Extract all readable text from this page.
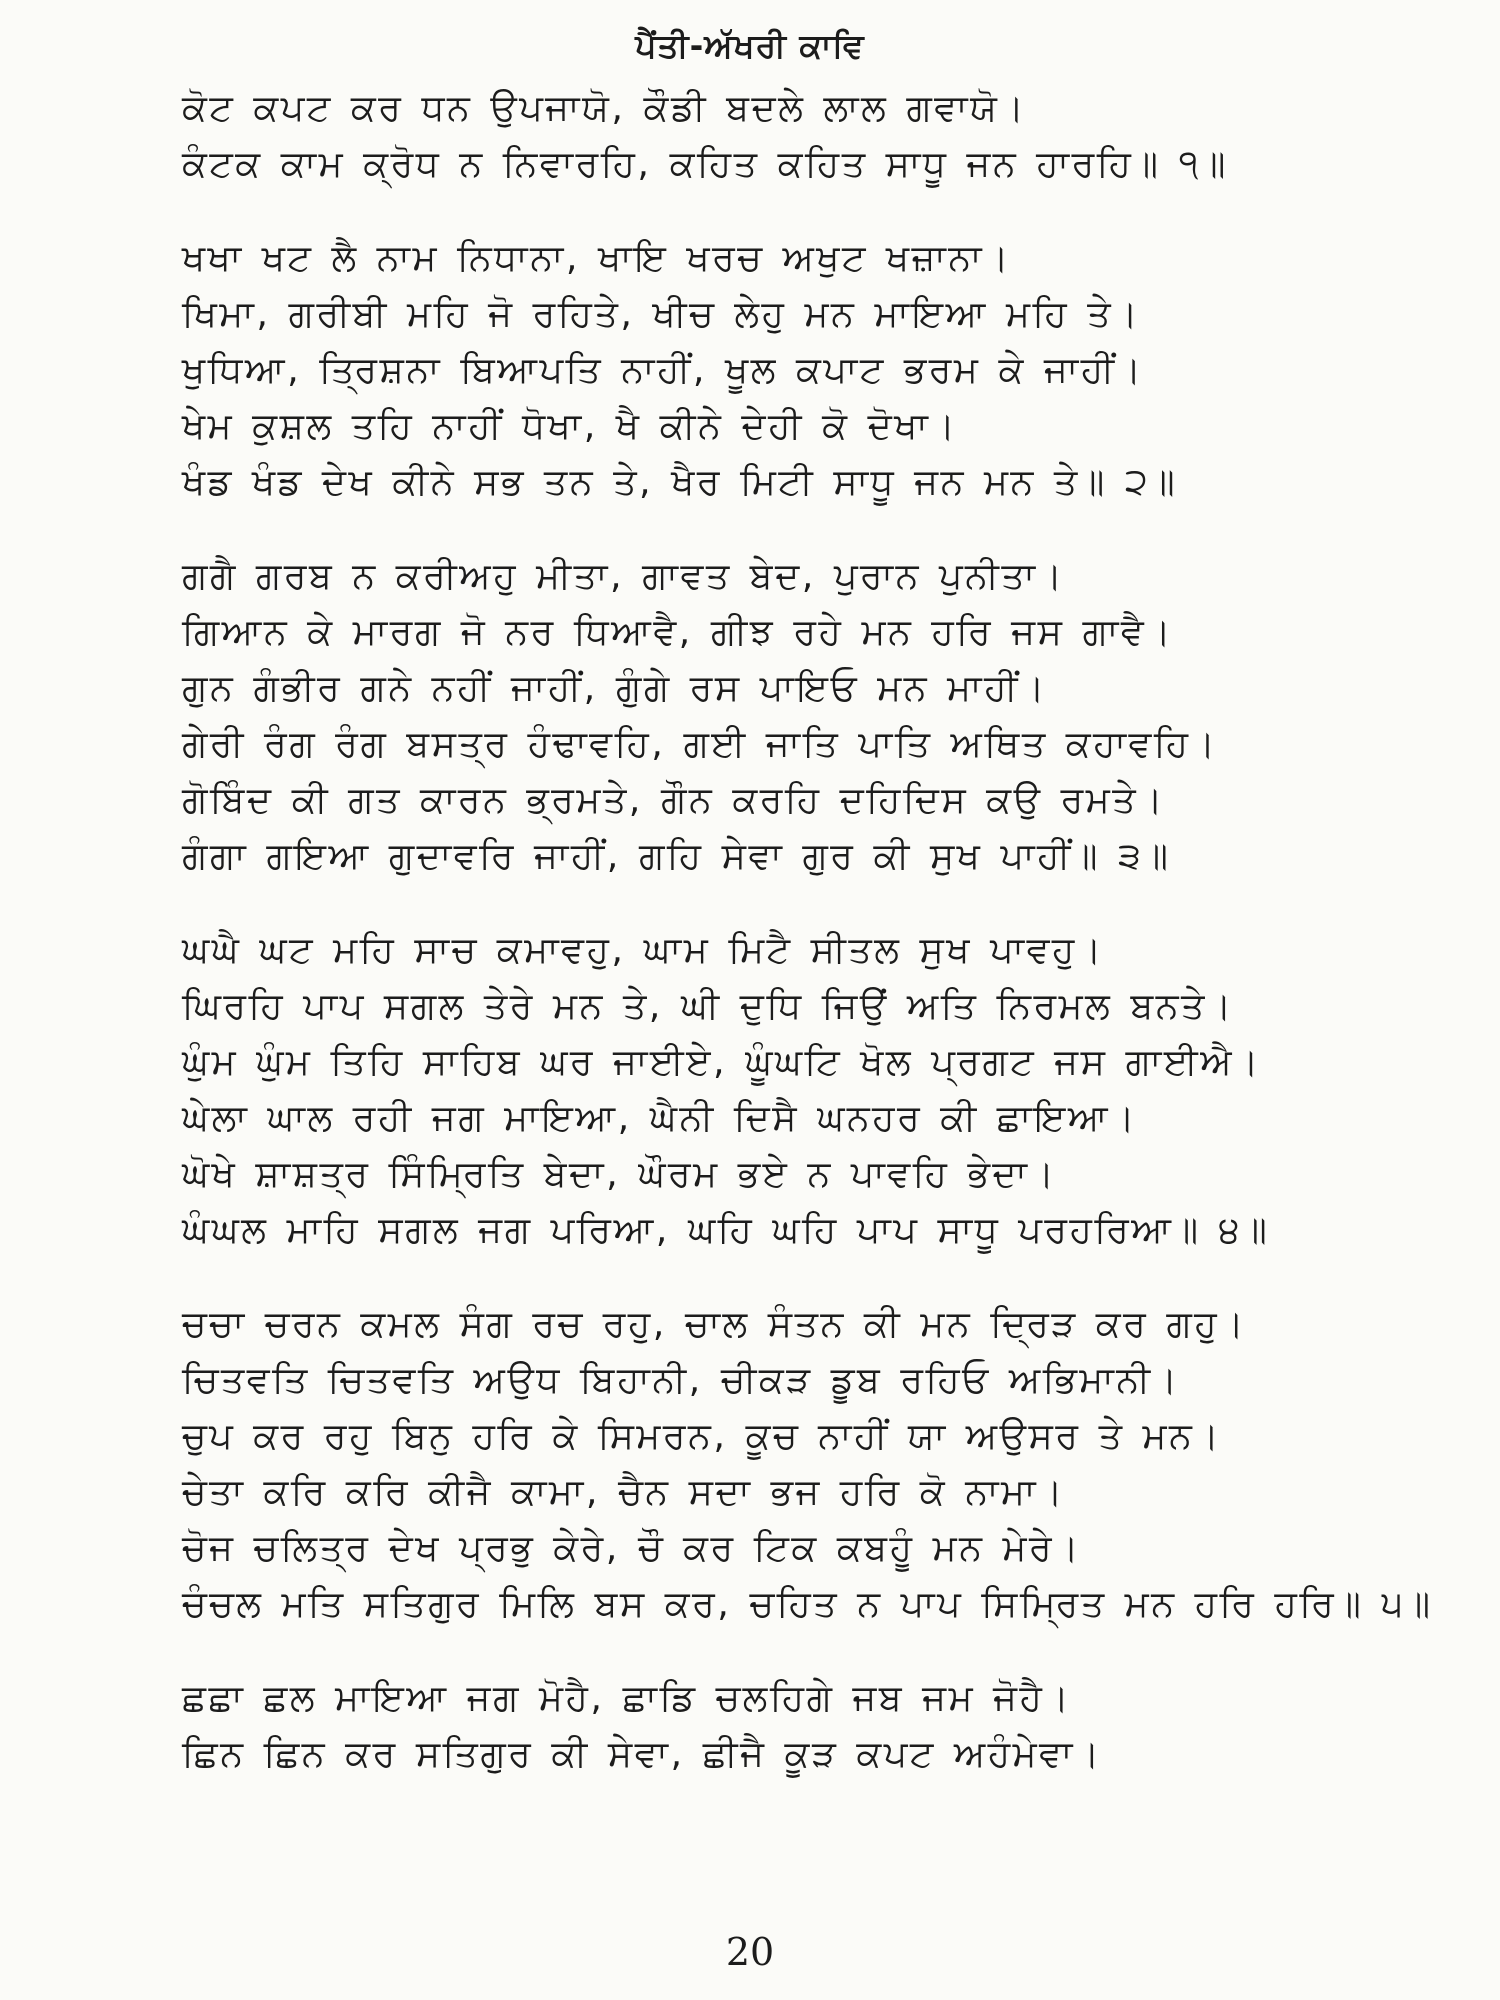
ਪੈਂਤੀ-ਅੱਖਰੀ ਕਾਵਿ
ਕੋਟ ਕਪਟ ਕਰ ਧਨ ਉਪਜਾਯੋ, ਕੌਡੀ ਬਦਲੇ ਲਾਲ ਗਵਾਯੋ।
ਕੰਟਕ ਕਾਮ ਕ੍ਰੋਧ ਨ ਨਿਵਾਰਹਿ, ਕਹਿਤ ਕਹਿਤ ਸਾਧੂ ਜਨ ਹਾਰਹਿ॥ ੧॥
ਖਖਾ ਖਟ ਲੈ ਨਾਮ ਨਿਧਾਨਾ, ਖਾਇ ਖਰਚ ਅਖੁਟ ਖਜ਼ਾਨਾ।
ਖਿਮਾ, ਗਰੀਬੀ ਮਹਿ ਜੋ ਰਹਿਤੇ, ਖੀਚ ਲੇਹੁ ਮਨ ਮਾਇਆ ਮਹਿ ਤੇ।
ਖੁਧਿਆ, ਤ੍ਰਿਸ਼ਨਾ ਬਿਆਪਤਿ ਨਾਹੀਂ, ਖੂਲ ਕਪਾਟ ਭਰਮ ਕੇ ਜਾਹੀਂ।
ਖੇਮ ਕੁਸ਼ਲ ਤਹਿ ਨਾਹੀਂ ਧੋਖਾ, ਖੈ ਕੀਨੇ ਦੇਹੀ ਕੋ ਦੋਖਾ।
ਖੰਡ ਖੰਡ ਦੇਖ ਕੀਨੇ ਸਭ ਤਨ ਤੇ, ਖੈਰ ਮਿਟੀ ਸਾਧੂ ਜਨ ਮਨ ਤੇ॥ ੨॥
ਗਗੈ ਗਰਬ ਨ ਕਰੀਅਹੁ ਮੀਤਾ, ਗਾਵਤ ਬੇਦ, ਪੁਰਾਨ ਪੁਨੀਤਾ।
ਗਿਆਨ ਕੇ ਮਾਰਗ ਜੋ ਨਰ ਧਿਆਵੈ, ਗੀਝ ਰਹੇ ਮਨ ਹਰਿ ਜਸ ਗਾਵੈ।
ਗੁਨ ਗੰਭੀਰ ਗਨੇ ਨਹੀਂ ਜਾਹੀਂ, ਗੁੰਗੇ ਰਸ ਪਾਇਓ ਮਨ ਮਾਹੀਂ।
ਗੇਰੀ ਰੰਗ ਰੰਗ ਬਸਤ੍ਰ ਹੰਢਾਵਹਿ, ਗਈ ਜਾਤਿ ਪਾਤਿ ਅਥਿਤ ਕਹਾਵਹਿ।
ਗੋਬਿੰਦ ਕੀ ਗਤ ਕਾਰਨ ਭ੍ਰਮਤੇ, ਗੌਨ ਕਰਹਿ ਦਹਿਦਿਸ ਕਉ ਰਮਤੇ।
ਗੰਗਾ ਗਇਆ ਗੁਦਾਵਰਿ ਜਾਹੀਂ, ਗਹਿ ਸੇਵਾ ਗੁਰ ਕੀ ਸੁਖ ਪਾਹੀਂ॥ ੩॥
ਘਘੈ ਘਟ ਮਹਿ ਸਾਚ ਕਮਾਵਹੁ, ਘਾਮ ਮਿਟੈ ਸੀਤਲ ਸੁਖ ਪਾਵਹੁ।
ਘਿਰਹਿ ਪਾਪ ਸਗਲ ਤੇਰੇ ਮਨ ਤੇ, ਘੀ ਦੁਧਿ ਜਿਉਂ ਅਤਿ ਨਿਰਮਲ ਬਨਤੇ।
ਘੁੰਮ ਘੁੰਮ ਤਿਹਿ ਸਾਹਿਬ ਘਰ ਜਾਈਏ, ਘੂੰਘਟਿ ਖੋਲ ਪ੍ਰਗਟ ਜਸ ਗਾਈਐ।
ਘੇਲਾ ਘਾਲ ਰਹੀ ਜਗ ਮਾਇਆ, ਘੈਨੀ ਦਿਸੈ ਘਨਹਰ ਕੀ ਛਾਇਆ।
ਘੋਖੇ ਸ਼ਾਸ਼ਤ੍ਰ ਸਿੰਮ੍ਰਿਤਿ ਬੇਦਾ, ਘੌਰਮ ਭਏ ਨ ਪਾਵਹਿ ਭੇਦਾ।
ਘੰਘਲ ਮਾਹਿ ਸਗਲ ਜਗ ਪਰਿਆ, ਘਹਿ ਘਹਿ ਪਾਪ ਸਾਧੂ ਪਰਹਰਿਆ॥ ੪॥
ਚਚਾ ਚਰਨ ਕਮਲ ਸੰਗ ਰਚ ਰਹੁ, ਚਾਲ ਸੰਤਨ ਕੀ ਮਨ ਦ੍ਰਿੜ ਕਰ ਗਹੁ।
ਚਿਤਵਤਿ ਚਿਤਵਤਿ ਅਉਧ ਬਿਹਾਨੀ, ਚੀਕੜ ਡੂਬ ਰਹਿਓ ਅਭਿਮਾਨੀ।
ਚੁਪ ਕਰ ਰਹੁ ਬਿਨੁ ਹਰਿ ਕੇ ਸਿਮਰਨ, ਕੂਚ ਨਾਹੀਂ ਯਾ ਅਉਸਰ ਤੇ ਮਨ।
ਚੇਤਾ ਕਰਿ ਕਰਿ ਕੀਜੈ ਕਾਮਾ, ਚੈਨ ਸਦਾ ਭਜ ਹਰਿ ਕੋ ਨਾਮਾ।
ਚੋਜ ਚਲਿਤ੍ਰ ਦੇਖ ਪ੍ਰਭੁ ਕੇਰੇ, ਚੌ ਕਰ ਟਿਕ ਕਬਹੂੰ ਮਨ ਮੇਰੇ।
ਚੰਚਲ ਮਤਿ ਸਤਿਗੁਰ ਮਿਲਿ ਬਸ ਕਰ, ਚਹਿਤ ਨ ਪਾਪ ਸਿਮ੍ਰਿਤ ਮਨ ਹਰਿ ਹਰਿ॥ ੫॥
ਛਛਾ ਛਲ ਮਾਇਆ ਜਗ ਮੋਹੈ, ਛਾਡਿ ਚਲਹਿਗੇ ਜਬ ਜਮ ਜੋਹੈ।
ਛਿਨ ਛਿਨ ਕਰ ਸਤਿਗੁਰ ਕੀ ਸੇਵਾ, ਛੀਜੈ ਕੂੜ ਕਪਟ ਅਹੰਮੇਵਾ।
20
